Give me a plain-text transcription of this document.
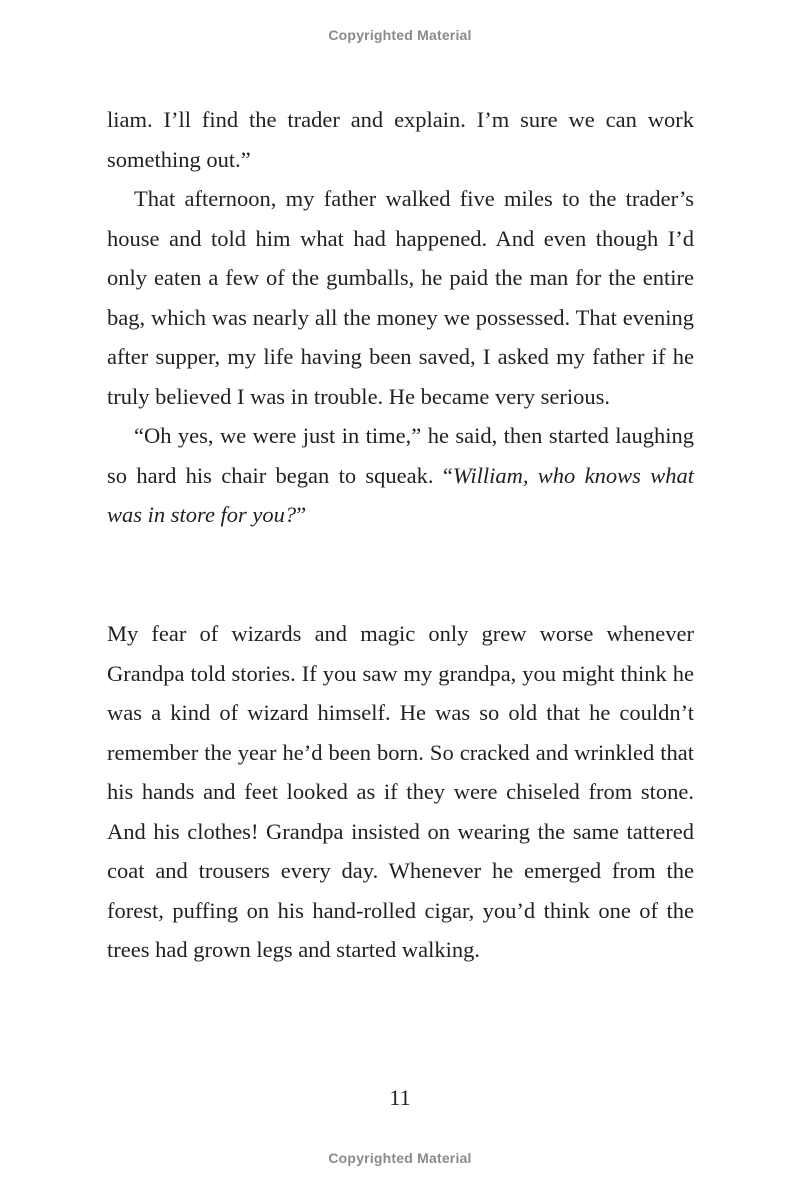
Copyrighted Material

liam. I’ll find the trader and explain. I’m sure we can work something out.”

That afternoon, my father walked five miles to the trader’s house and told him what had happened. And even though I’d only eaten a few of the gumballs, he paid the man for the entire bag, which was nearly all the money we possessed. That evening after supper, my life having been saved, I asked my father if he truly believed I was in trouble. He became very serious.

“Oh yes, we were just in time,” he said, then started laughing so hard his chair began to squeak. “William, who knows what was in store for you?”

My fear of wizards and magic only grew worse whenever Grandpa told stories. If you saw my grandpa, you might think he was a kind of wizard himself. He was so old that he couldn’t remember the year he’d been born. So cracked and wrinkled that his hands and feet looked as if they were chiseled from stone. And his clothes! Grandpa insisted on wearing the same tattered coat and trousers every day. Whenever he emerged from the forest, puffing on his hand-rolled cigar, you’d think one of the trees had grown legs and started walking.

11
Copyrighted Material
